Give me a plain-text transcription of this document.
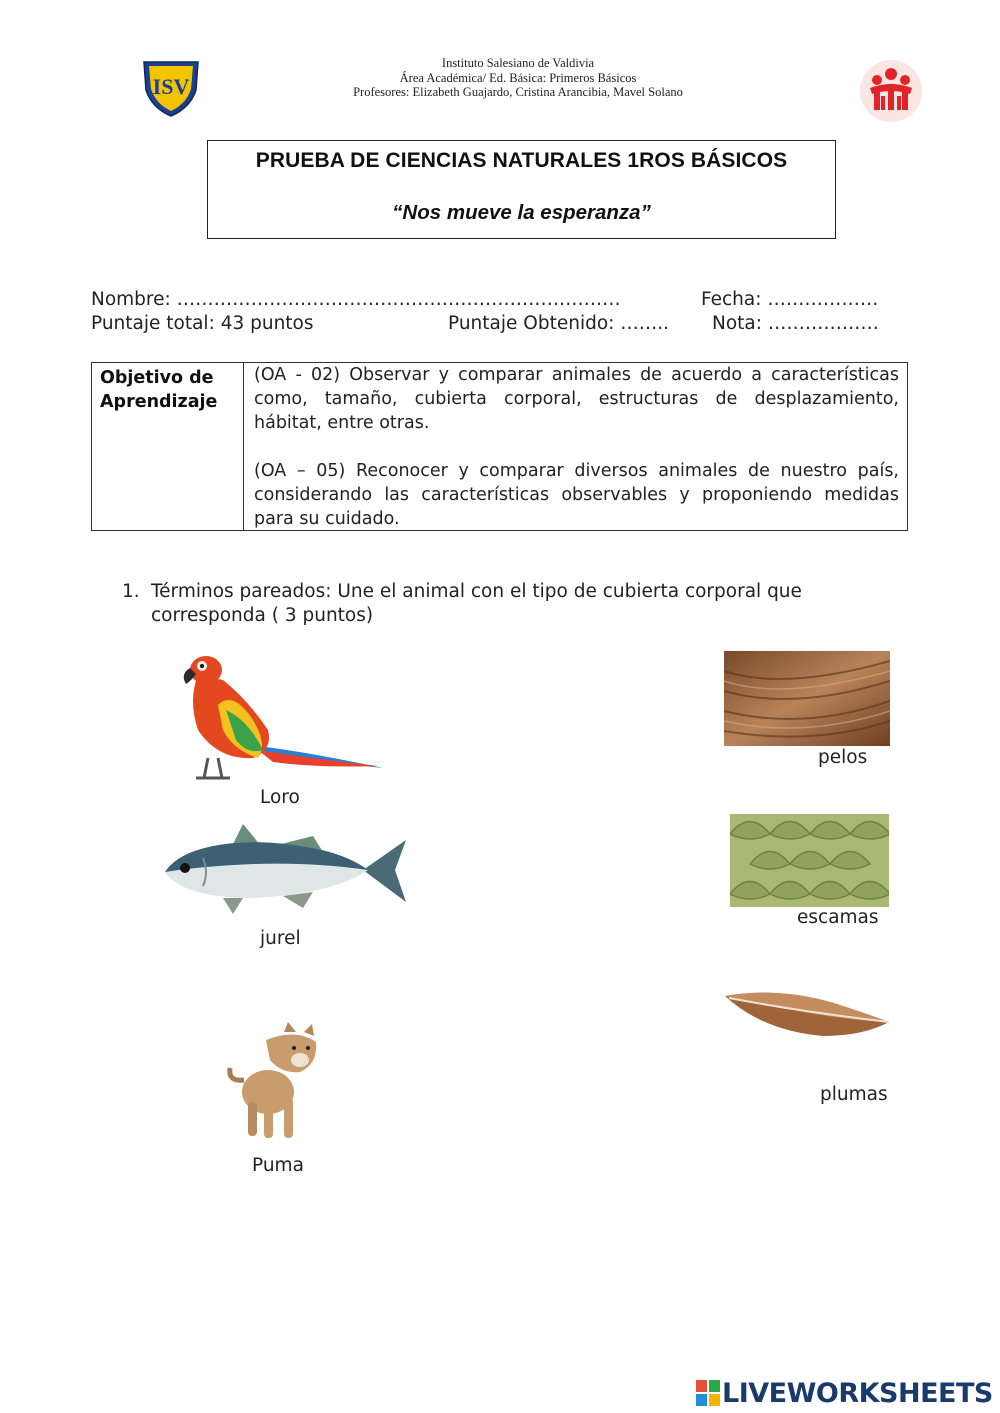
ISV
Instituto Salesiano de Valdivia
Área Académica/ Ed. Básica: Primeros Básicos
Profesores: Elizabeth Guajardo, Cristina Arancibia, Mavel Solano
PRUEBA DE CIENCIAS NATURALES 1ROS BÁSICOS
“Nos mueve la esperanza”
Nombre: ………………………………………………………………	Fecha: ………………
Puntaje total: 43 puntos	Puntaje Obtenido: …….. Nota: ………………
Objetivo de Aprendizaje
(OA - 02) Observar y comparar animales de acuerdo a características como, tamaño, cubierta corporal, estructuras de desplazamiento, hábitat, entre otras.
(OA – 05) Reconocer y comparar diversos animales de nuestro país, considerando las características observables y proponiendo medidas para su cuidado.
1. Términos pareados: Une el animal con el tipo de cubierta corporal que corresponda ( 3 puntos)
Loro
jurel
Puma
pelos
escamas
plumas
LIVEWORKSHEETS
